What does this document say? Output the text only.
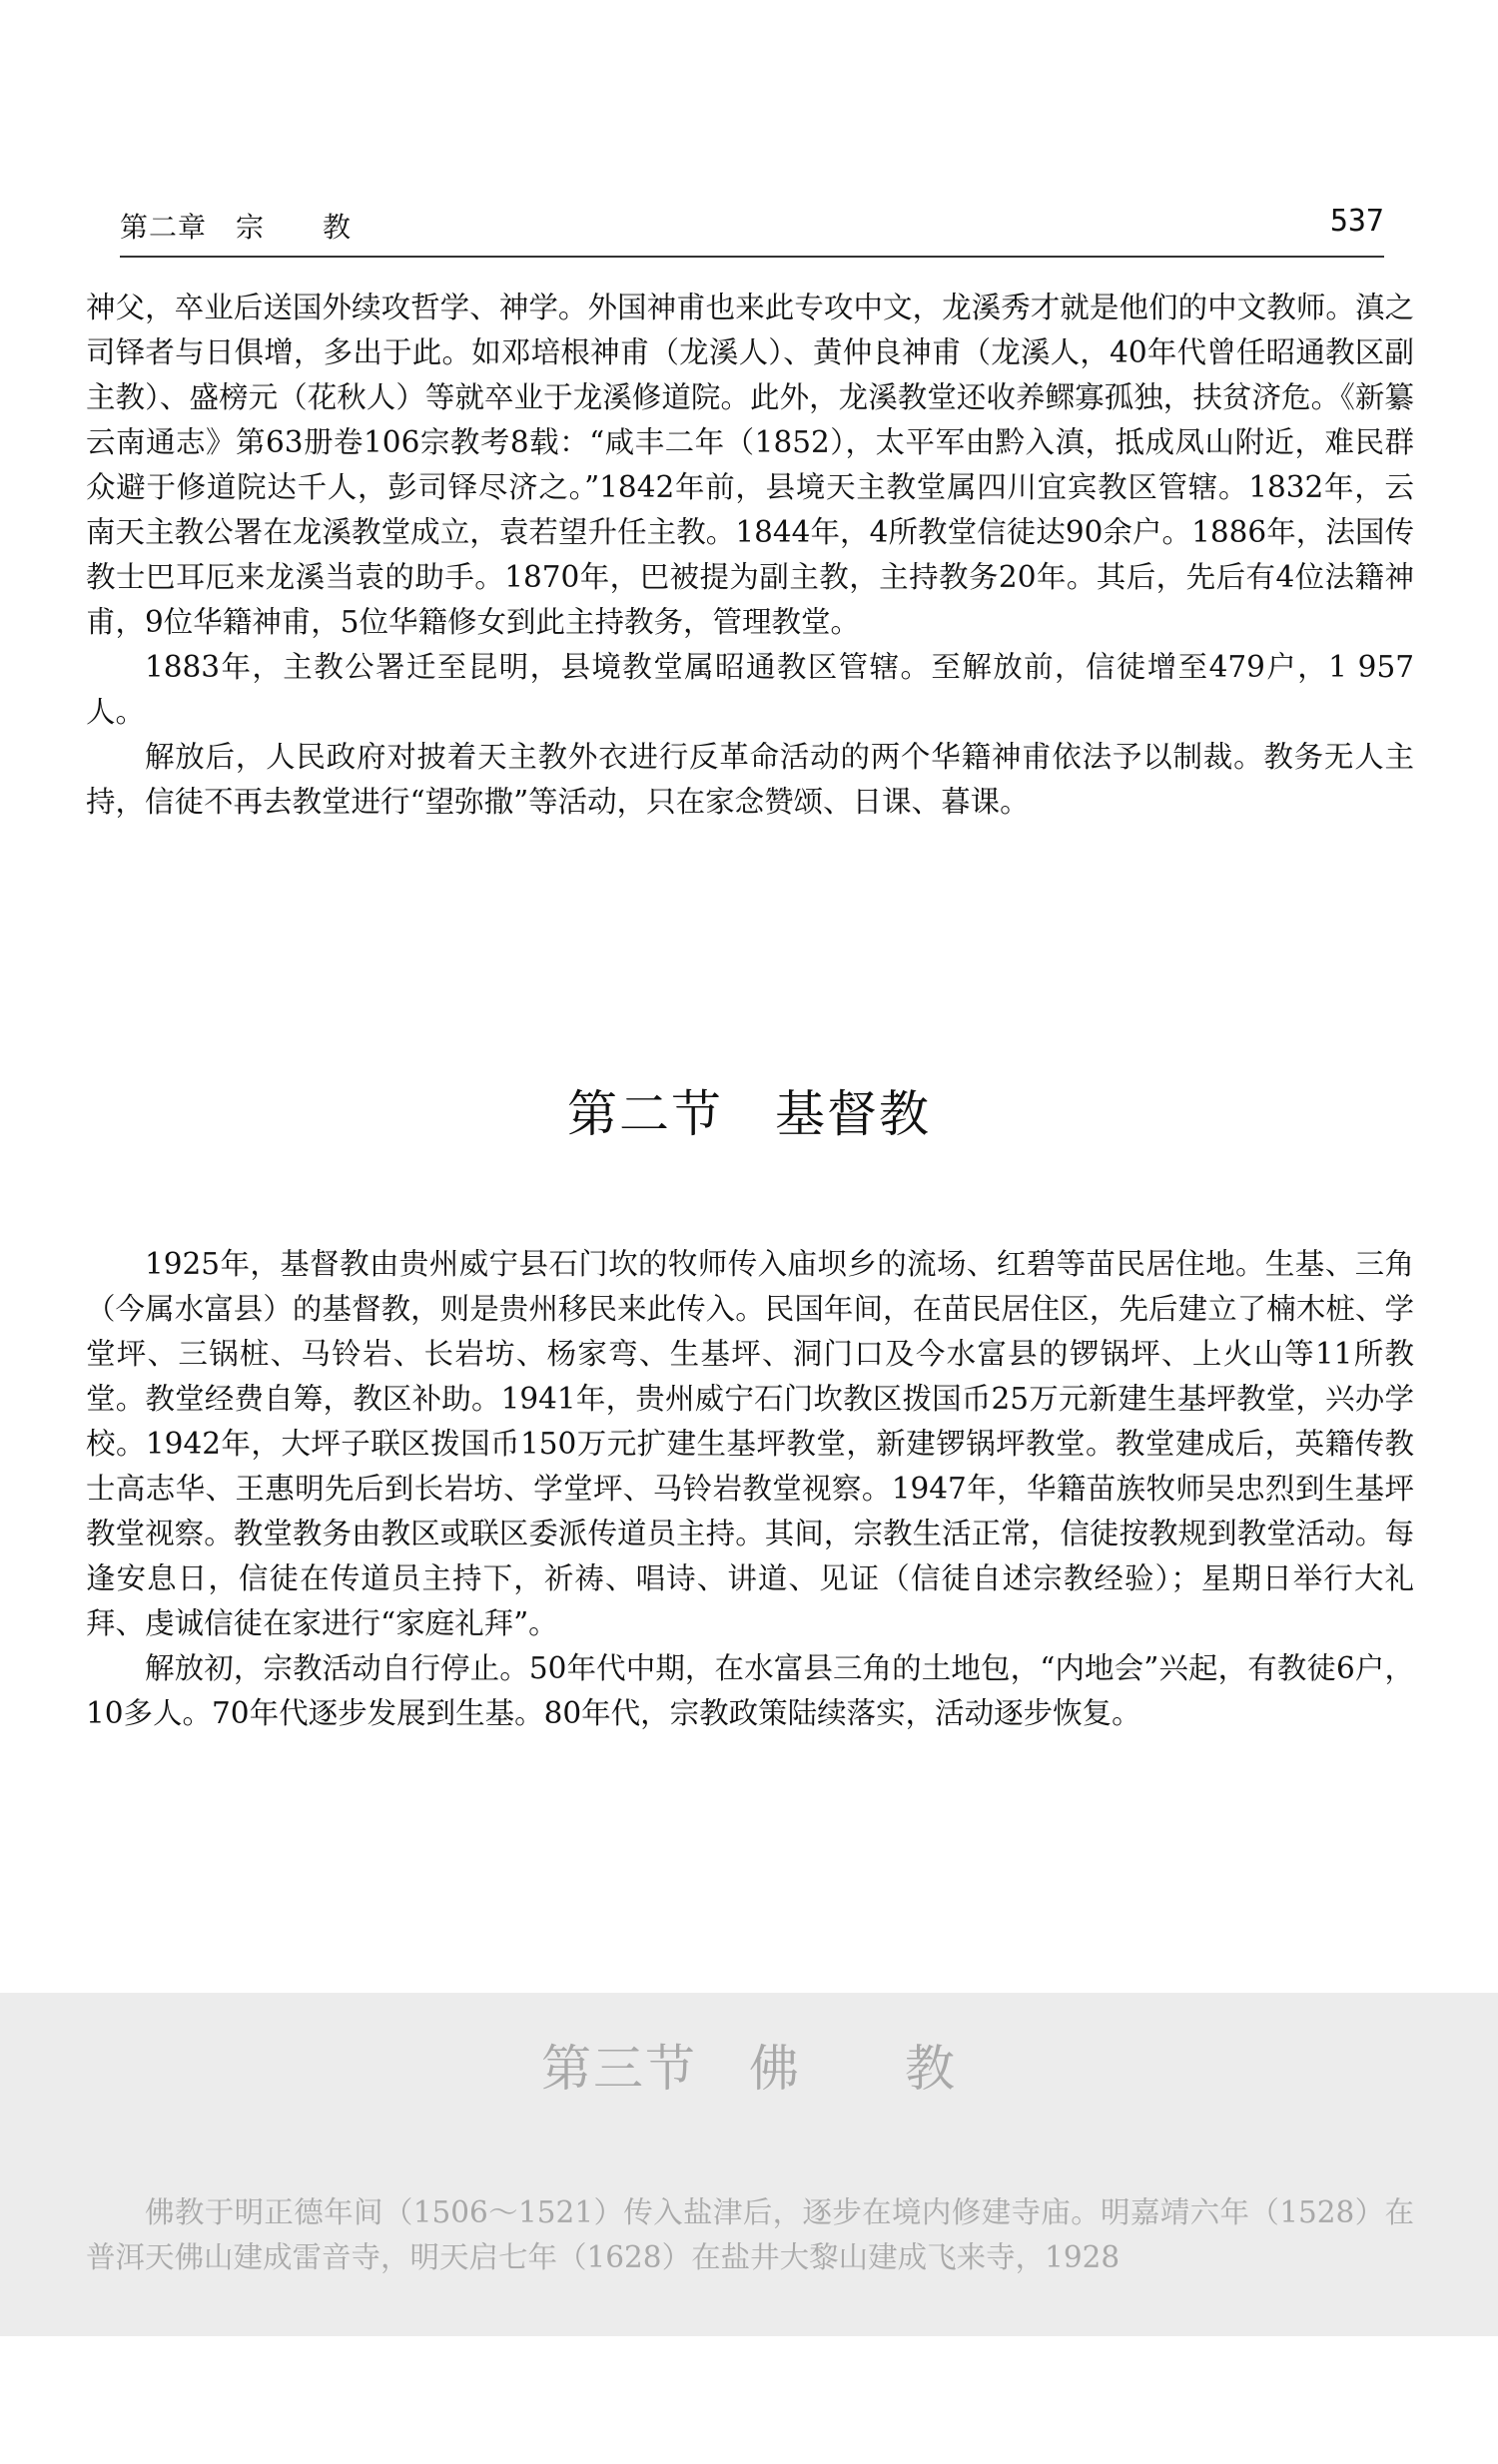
第二章　宗　　教	537

神父，卒业后送国外续攻哲学、神学。外国神甫也来此专攻中文，龙溪秀才就是他们的中文教师。滇之司铎者与日俱增，多出于此。如邓培根神甫（龙溪人）、黄仲良神甫（龙溪人，40年代曾任昭通教区副主教）、盛榜元（花秋人）等就卒业于龙溪修道院。此外，龙溪教堂还收养鳏寡孤独，扶贫济危。《新纂云南通志》第63册卷106宗教考8载：“咸丰二年（1852），太平军由黔入滇，抵成凤山附近，难民群众避于修道院达千人，彭司铎尽济之。”1842年前，县境天主教堂属四川宜宾教区管辖。1832年，云南天主教公署在龙溪教堂成立，袁若望升任主教。1844年，4所教堂信徒达90余户。1886年，法国传教士巴耳厄来龙溪当袁的助手。1870年，巴被提为副主教，主持教务20年。其后，先后有4位法籍神甫，9位华籍神甫，5位华籍修女到此主持教务，管理教堂。

1883年，主教公署迁至昆明，县境教堂属昭通教区管辖。至解放前，信徒增至479户，1 957人。

解放后，人民政府对披着天主教外衣进行反革命活动的两个华籍神甫依法予以制裁。教务无人主持，信徒不再去教堂进行“望弥撒”等活动，只在家念赞颂、日课、暮课。

第二节　基督教

1925年，基督教由贵州威宁县石门坎的牧师传入庙坝乡的流场、红碧等苗民居住地。生基、三角（今属水富县）的基督教，则是贵州移民来此传入。民国年间，在苗民居住区，先后建立了楠木桩、学堂坪、三锅桩、马铃岩、长岩坊、杨家弯、生基坪、洞门口及今水富县的锣锅坪、上火山等11所教堂。教堂经费自筹，教区补助。1941年，贵州威宁石门坎教区拨国币25万元新建生基坪教堂，兴办学校。1942年，大坪子联区拨国币150万元扩建生基坪教堂，新建锣锅坪教堂。教堂建成后，英籍传教士高志华、王惠明先后到长岩坊、学堂坪、马铃岩教堂视察。1947年，华籍苗族牧师吴忠烈到生基坪教堂视察。教堂教务由教区或联区委派传道员主持。其间，宗教生活正常，信徒按教规到教堂活动。每逢安息日，信徒在传道员主持下，祈祷、唱诗、讲道、见证（信徒自述宗教经验）；星期日举行大礼拜、虔诚信徒在家进行“家庭礼拜”。

解放初，宗教活动自行停止。50年代中期，在水富县三角的土地包，“内地会”兴起，有教徒6户，10多人。70年代逐步发展到生基。80年代，宗教政策陆续落实，活动逐步恢复。

第三节　佛　　教

佛教于明正德年间（1506～1521）传入盐津后，逐步在境内修建寺庙。明嘉靖六年（1528）在普洱天佛山建成雷音寺，明天启七年（1628）在盐井大黎山建成飞来寺，1928
